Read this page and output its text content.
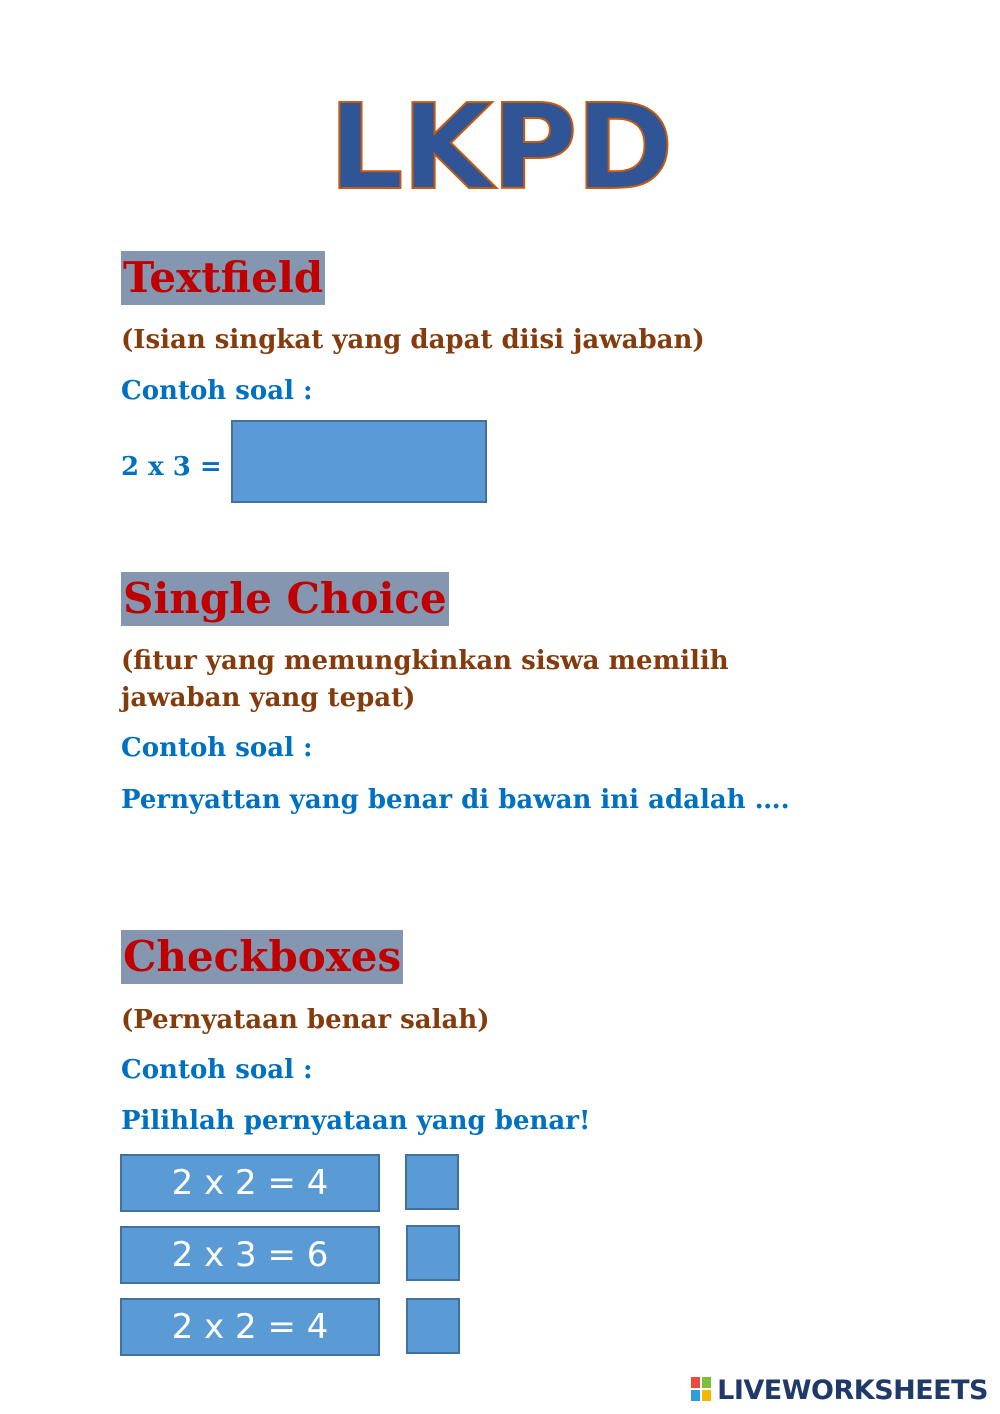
LKPD
Textfield
(Isian singkat yang dapat diisi jawaban)
Contoh soal :
2 x 3 =
Single Choice
(fitur yang memungkinkan siswa memilih
jawaban yang tepat)
Contoh soal :
Pernyattan yang benar di bawan ini adalah ….
Checkboxes
(Pernyataan benar salah)
Contoh soal :
Pilihlah pernyataan yang benar!
2 x 2 = 4
2 x 3 = 6
2 x 2 = 4
LIVEWORKSHEETS
